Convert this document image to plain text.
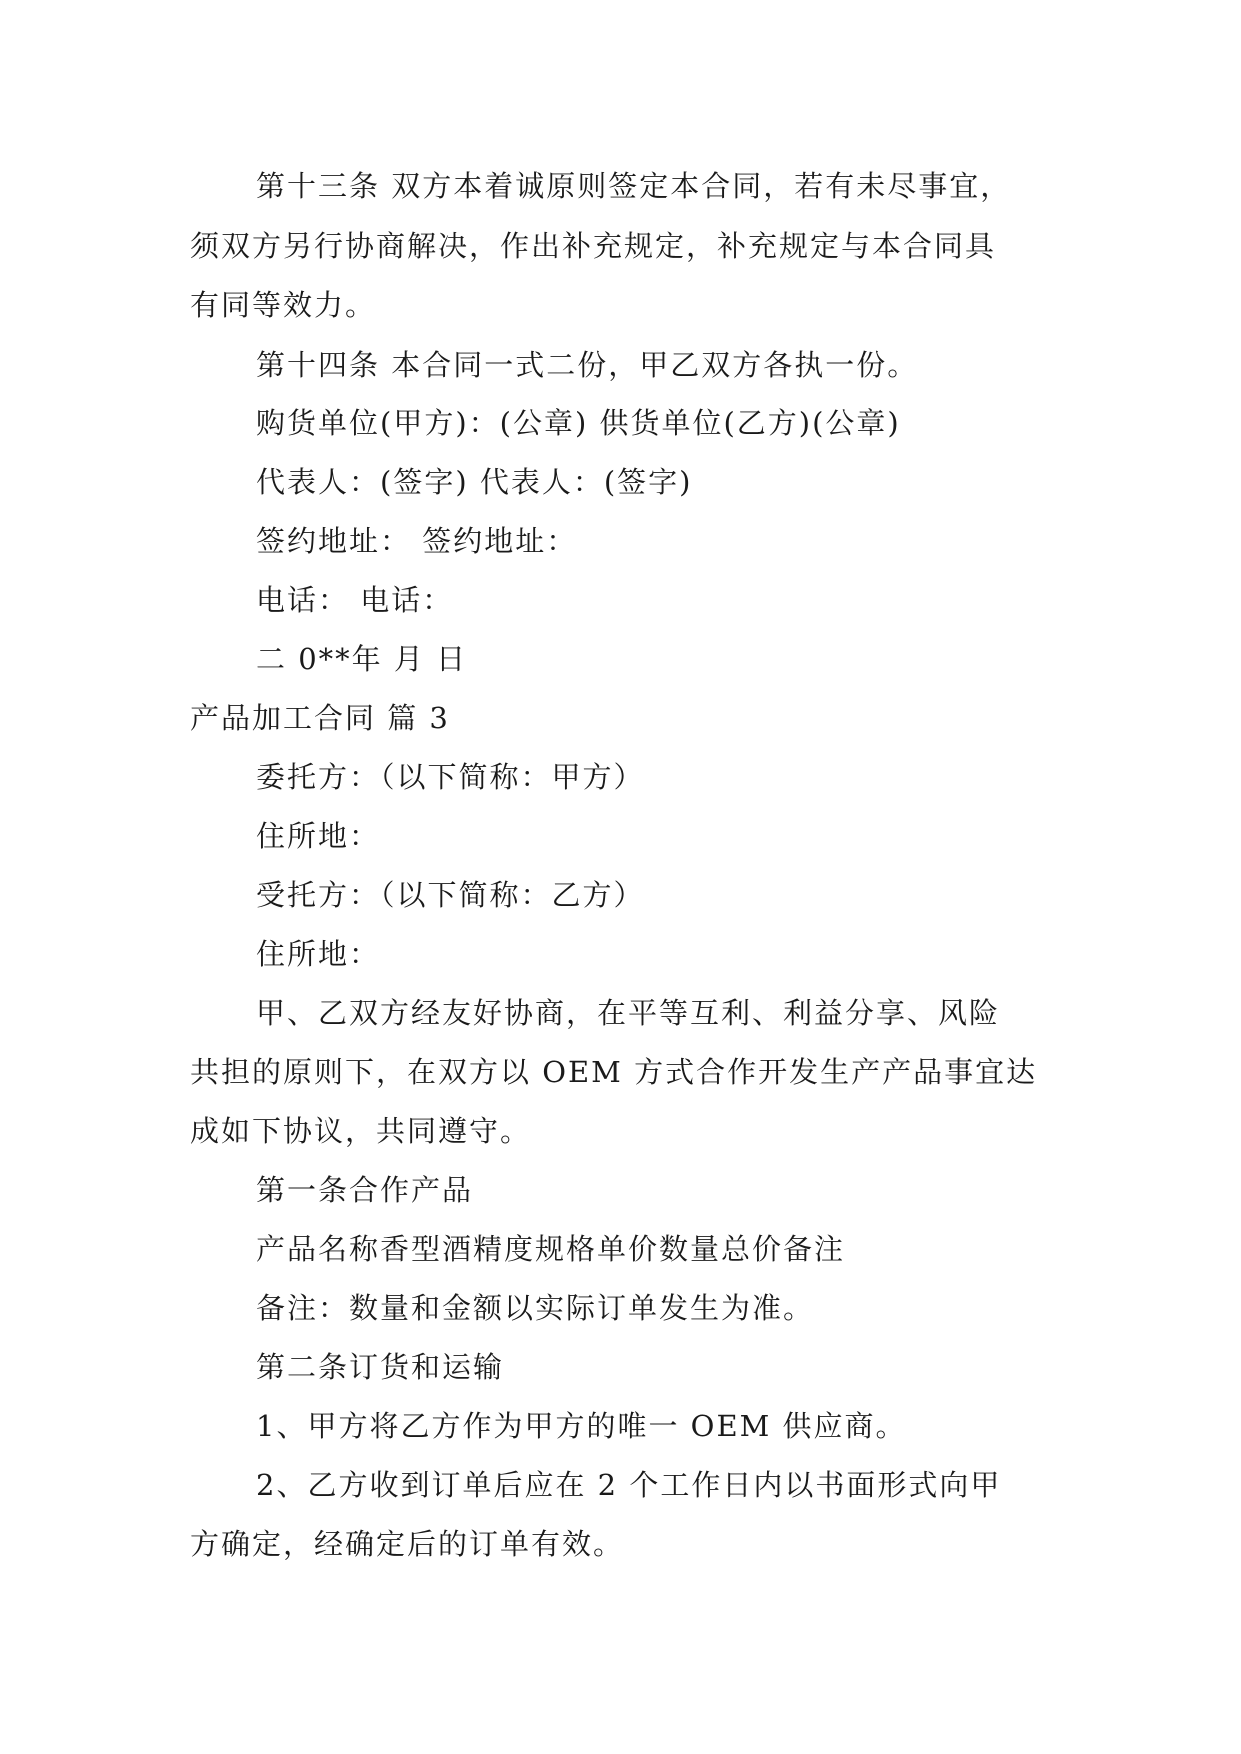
第十三条 双方本着诚原则签定本合同，若有未尽事宜，
须双方另行协商解决，作出补充规定，补充规定与本合同具
有同等效力。
第十四条 本合同一式二份，甲乙双方各执一份。
购货单位(甲方)：(公章) 供货单位(乙方)(公章)
代表人：(签字) 代表人：(签字)
签约地址： 签约地址：
电话： 电话：
二 0**年 月 日
产品加工合同 篇 3
委托方：（以下简称：甲方）
住所地：
受托方：（以下简称：乙方）
住所地：
甲、乙双方经友好协商，在平等互利、利益分享、风险
共担的原则下，在双方以 OEM 方式合作开发生产产品事宜达
成如下协议，共同遵守。
第一条合作产品
产品名称香型酒精度规格单价数量总价备注
备注：数量和金额以实际订单发生为准。
第二条订货和运输
1、甲方将乙方作为甲方的唯一 OEM 供应商。
2、乙方收到订单后应在 2 个工作日内以书面形式向甲
方确定，经确定后的订单有效。
